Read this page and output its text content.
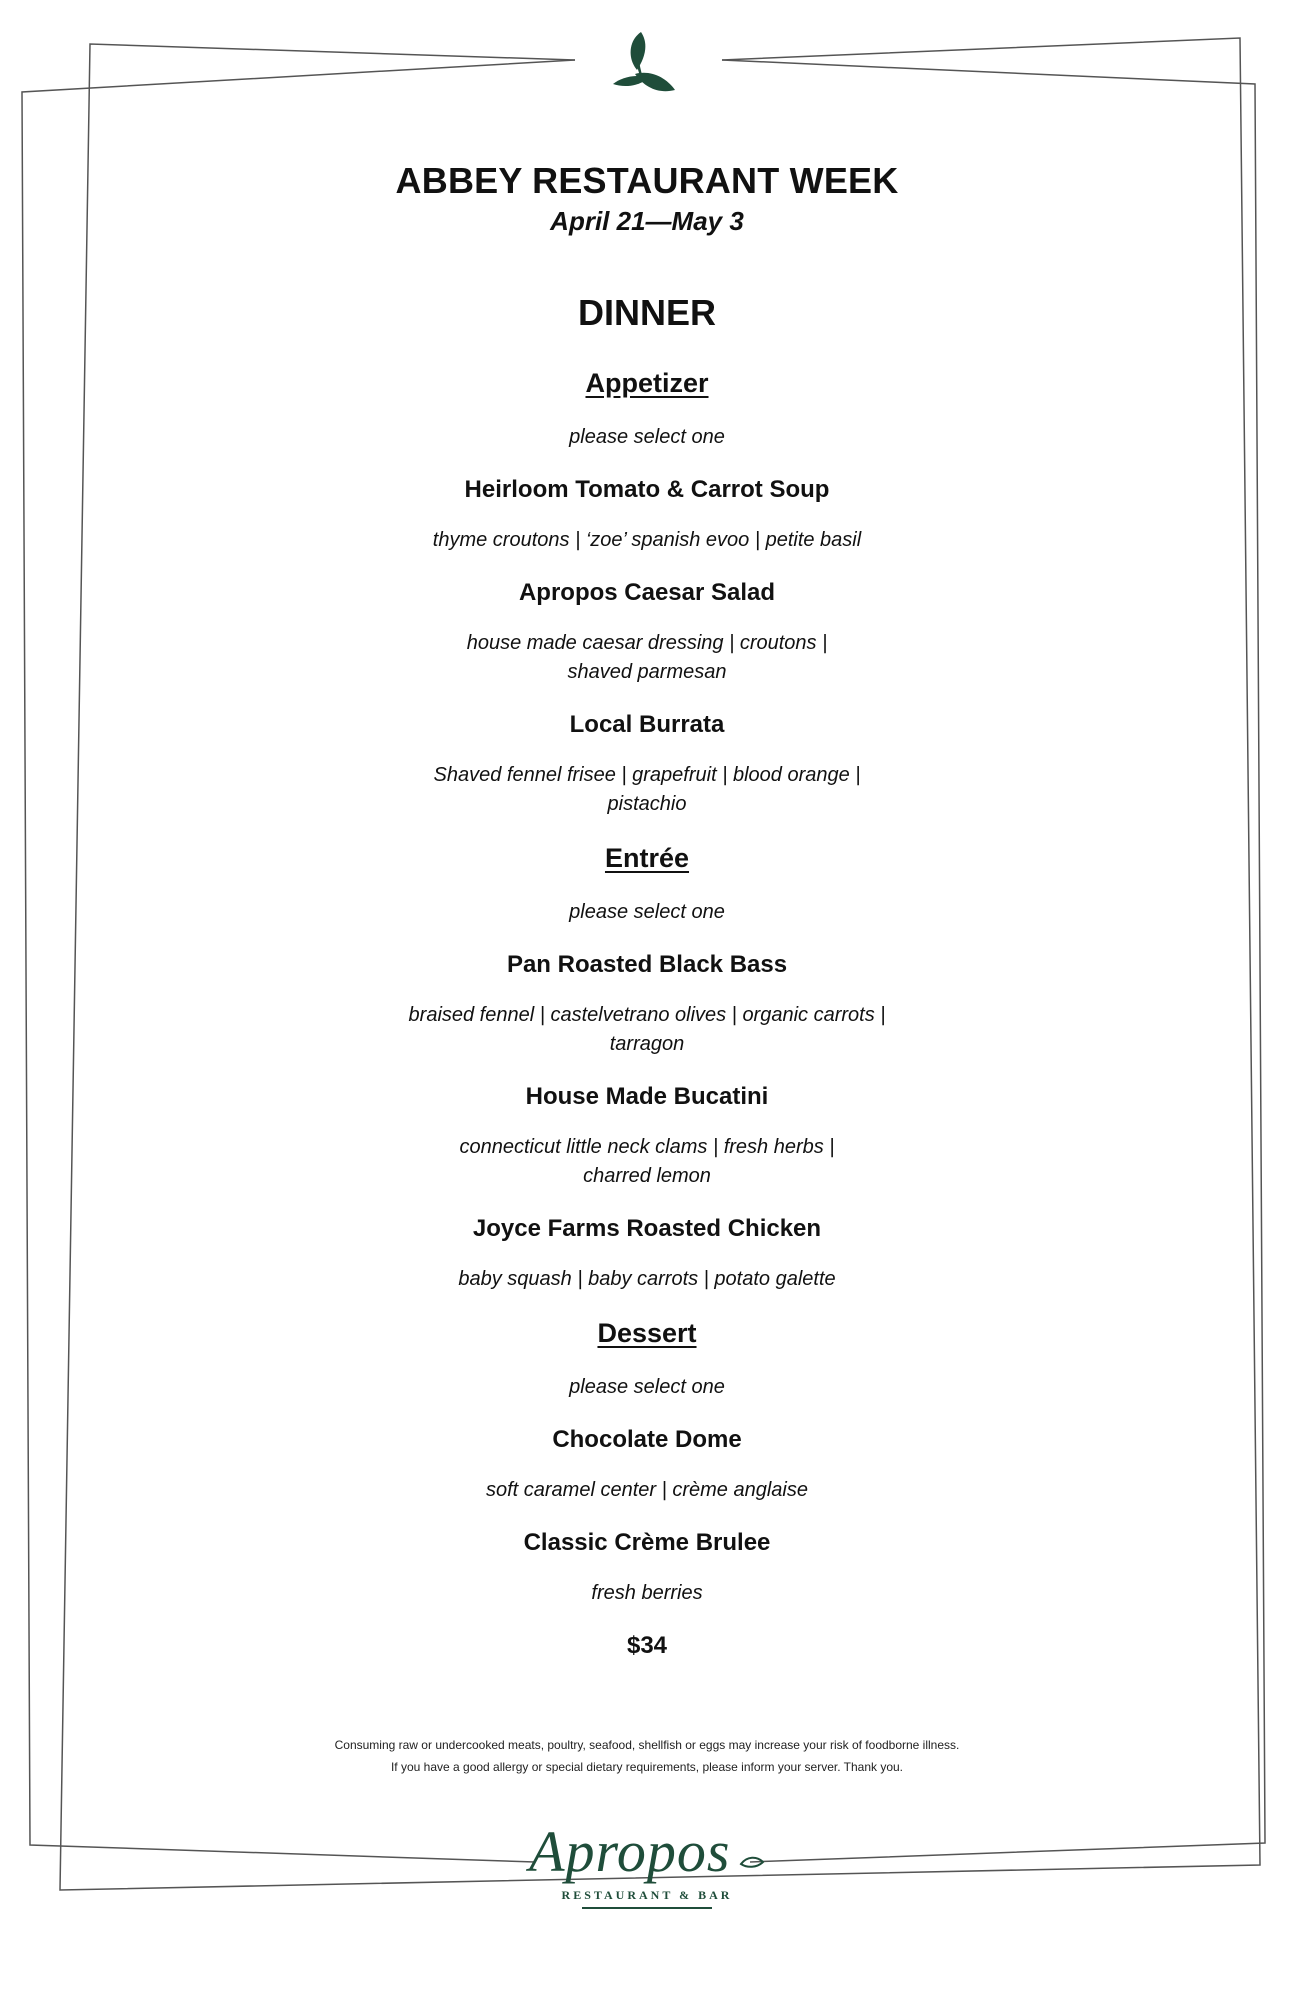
ABBEY RESTAURANT WEEK
April 21—May 3
DINNER
Appetizer
please select one
Heirloom Tomato & Carrot Soup
thyme croutons | ‘zoe’ spanish evoo | petite basil
Apropos Caesar Salad
house made caesar dressing | croutons | shaved parmesan
Local Burrata
Shaved fennel frisee | grapefruit | blood orange | pistachio
Entrée
please select one
Pan Roasted Black Bass
braised fennel | castelvetrano olives | organic carrots | tarragon
House Made Bucatini
connecticut little neck clams | fresh herbs | charred lemon
Joyce Farms Roasted Chicken
baby squash | baby carrots | potato galette
Dessert
please select one
Chocolate Dome
soft caramel center | crème anglaise
Classic Crème Brulee
fresh berries
$34
Consuming raw or undercooked meats, poultry, seafood, shellfish or eggs may increase your risk of foodborne illness.
If you have a good allergy or special dietary requirements, please inform your server. Thank you.
Apropos
RESTAURANT & BAR
